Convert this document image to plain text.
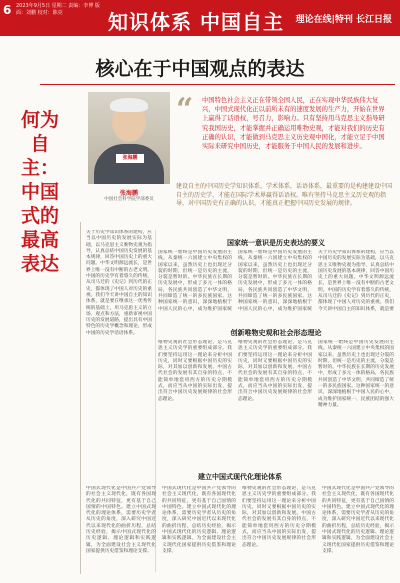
6 2023年9月5日 星期二 责编：李博 版面：刘鹏 校对：陈亮	知识体系 中国自主 理论在线|特刊 长江日报
核心在于中国观点的表达
张海鹏
张海鹏
中国社会科学院学部委员
“ 中国特色社会主义正在带领全国人民，正在实现中华民族伟大复兴，中国式现代化正以前所未有的速度发展的生产力，开始在世界上赢得了话语权，号召力，影响力。只有坚持用马克思主义指导研究我国历史，才能掌握并正确运用唯物史观，才能对我们的历史有正确的认识，才能做到马克思主义历史观中国化，才能立足于中国实际来研究中国历史，才能服务于中国人民的发展和进步。
建设自主的中国历史学知识体系，学术体系，话语体系，最重要的是构建建设中国自主的历史学，才能在国际学术界赢得话语权。唯有坚持马克思主义历史观的指导，对中国历史有正确的认识，才能真正把握中国历史发展的规律。
何为自主：中国式的最高表达
关于历史学知识体系的建构，应当以中国历史的发展实际为基础，以马克思主义唯物史观为指导，认真总结中国历史发展的基本规律，回答中国历史上的重大问题。中华文明源远流长，是世界上唯一没有中断的古老文明。中国的历史学有着悠久的传统，从司马迁的《史记》到历代的正史，都体现了中国人对历史的重视。我们今天讲中国自主的知识体系，就是要在继承这一优秀传统的基础上，用马克思主义的立场、观点和方法，重新审视中国历史的发展道路，提出具有中国特色的历史学概念和理论，形成中国的历史学话语体系。
国家统一意识是历史表达的要义
国家统一始终是中国历史发展的主线。从秦统一六国建立中央集权的国家以来，虽然历史上也出现过分裂的时期，但统一是历史的主流，分裂是暂时的。中华民族在长期的历史发展中，形成了多元一体的格局，各民族共同创造了中华文明，共同缔造了统一的多民族国家。这种国家统一的意识，深深地植根于中国人民的心中，成为维护国家统
国家统一始终是中国历史发展的主线。从秦统一六国建立中央集权的国家以来，虽然历史上也出现过分裂的时期，但统一是历史的主流，分裂是暂时的。中华民族在长期的历史发展中，形成了多元一体的格局，各民族共同创造了中华文明，共同缔造了统一的多民族国家。这种国家统一的意识，深深地植根于中国人民的心中，成为维护国家统
关于历史学知识体系的建构，应当以中国历史的发展实际为基础，以马克思主义唯物史观为指导，认真总结中国历史发展的基本规律，回答中国历史上的重大问题。中华文明源远流长，是世界上唯一没有中断的古老文明。中国的历史学有着悠久的传统，从司马迁的《史记》到历代的正史，都体现了中国人对历史的重视。我们今天讲中国自主的知识体系，就是要
创新唯物史观和社会形态理论
唯物史观的社会形态理论，是马克思主义历史学的重要组成部分。我们要坚持运用这一理论来分析中国历史，同时又要根据中国历史的实际，对其加以创新和发展。中国古代社会的发展有其自身的特点，不能简单地套用西方的历史分期模式，而应当从中国的实际出发，提出符合中国历史发展规律的社会形态理论。
唯物史观的社会形态理论，是马克思主义历史学的重要组成部分。我们要坚持运用这一理论来分析中国历史，同时又要根据中国历史的实际，对其加以创新和发展。中国古代社会的发展有其自身的特点，不能简单地套用西方的历史分期模式，而应当从中国的实际出发，提出符合中国历史发展规律的社会形态理论。
国家统一始终是中国历史发展的主线。从秦统一六国建立中央集权的国家以来，虽然历史上也出现过分裂的时期，但统一是历史的主流，分裂是暂时的。中华民族在长期的历史发展中，形成了多元一体的格局，各民族共同创造了中华文明，共同缔造了统一的多民族国家。这种国家统一的意识，深深地植根于中国人民的心中，成为维护国家统一、民族团结的强大精神力量。
建立中国式现代化理论体系
中国式现代化是中国共产党领导的社会主义现代化，既有各国现代化的共同特征，更有基于自己国情的中国特色。建立中国式现代化的理论体系，需要历史学者从历史的角度，深入研究中国近代以来现代化的曲折历程，总结历史经验，揭示中国式现代化的历史逻辑、理论逻辑和实践逻辑，为全面建设社会主义现代化国家提供历史借鉴和理论支撑。
中国式现代化是中国共产党领导的社会主义现代化，既有各国现代化的共同特征，更有基于自己国情的中国特色。建立中国式现代化的理论体系，需要历史学者从历史的角度，深入研究中国近代以来现代化的曲折历程，总结历史经验，揭示中国式现代化的历史逻辑、理论逻辑和实践逻辑，为全面建设社会主义现代化国家提供历史借鉴和理论支撑。
唯物史观的社会形态理论，是马克思主义历史学的重要组成部分。我们要坚持运用这一理论来分析中国历史，同时又要根据中国历史的实际，对其加以创新和发展。中国古代社会的发展有其自身的特点，不能简单地套用西方的历史分期模式，而应当从中国的实际出发，提出符合中国历史发展规律的社会形态理论。
中国式现代化是中国共产党领导的社会主义现代化，既有各国现代化的共同特征，更有基于自己国情的中国特色。建立中国式现代化的理论体系，需要历史学者从历史的角度，深入研究中国近代以来现代化的曲折历程，总结历史经验，揭示中国式现代化的历史逻辑、理论逻辑和实践逻辑，为全面建设社会主义现代化国家提供历史借鉴和理论支撑。
